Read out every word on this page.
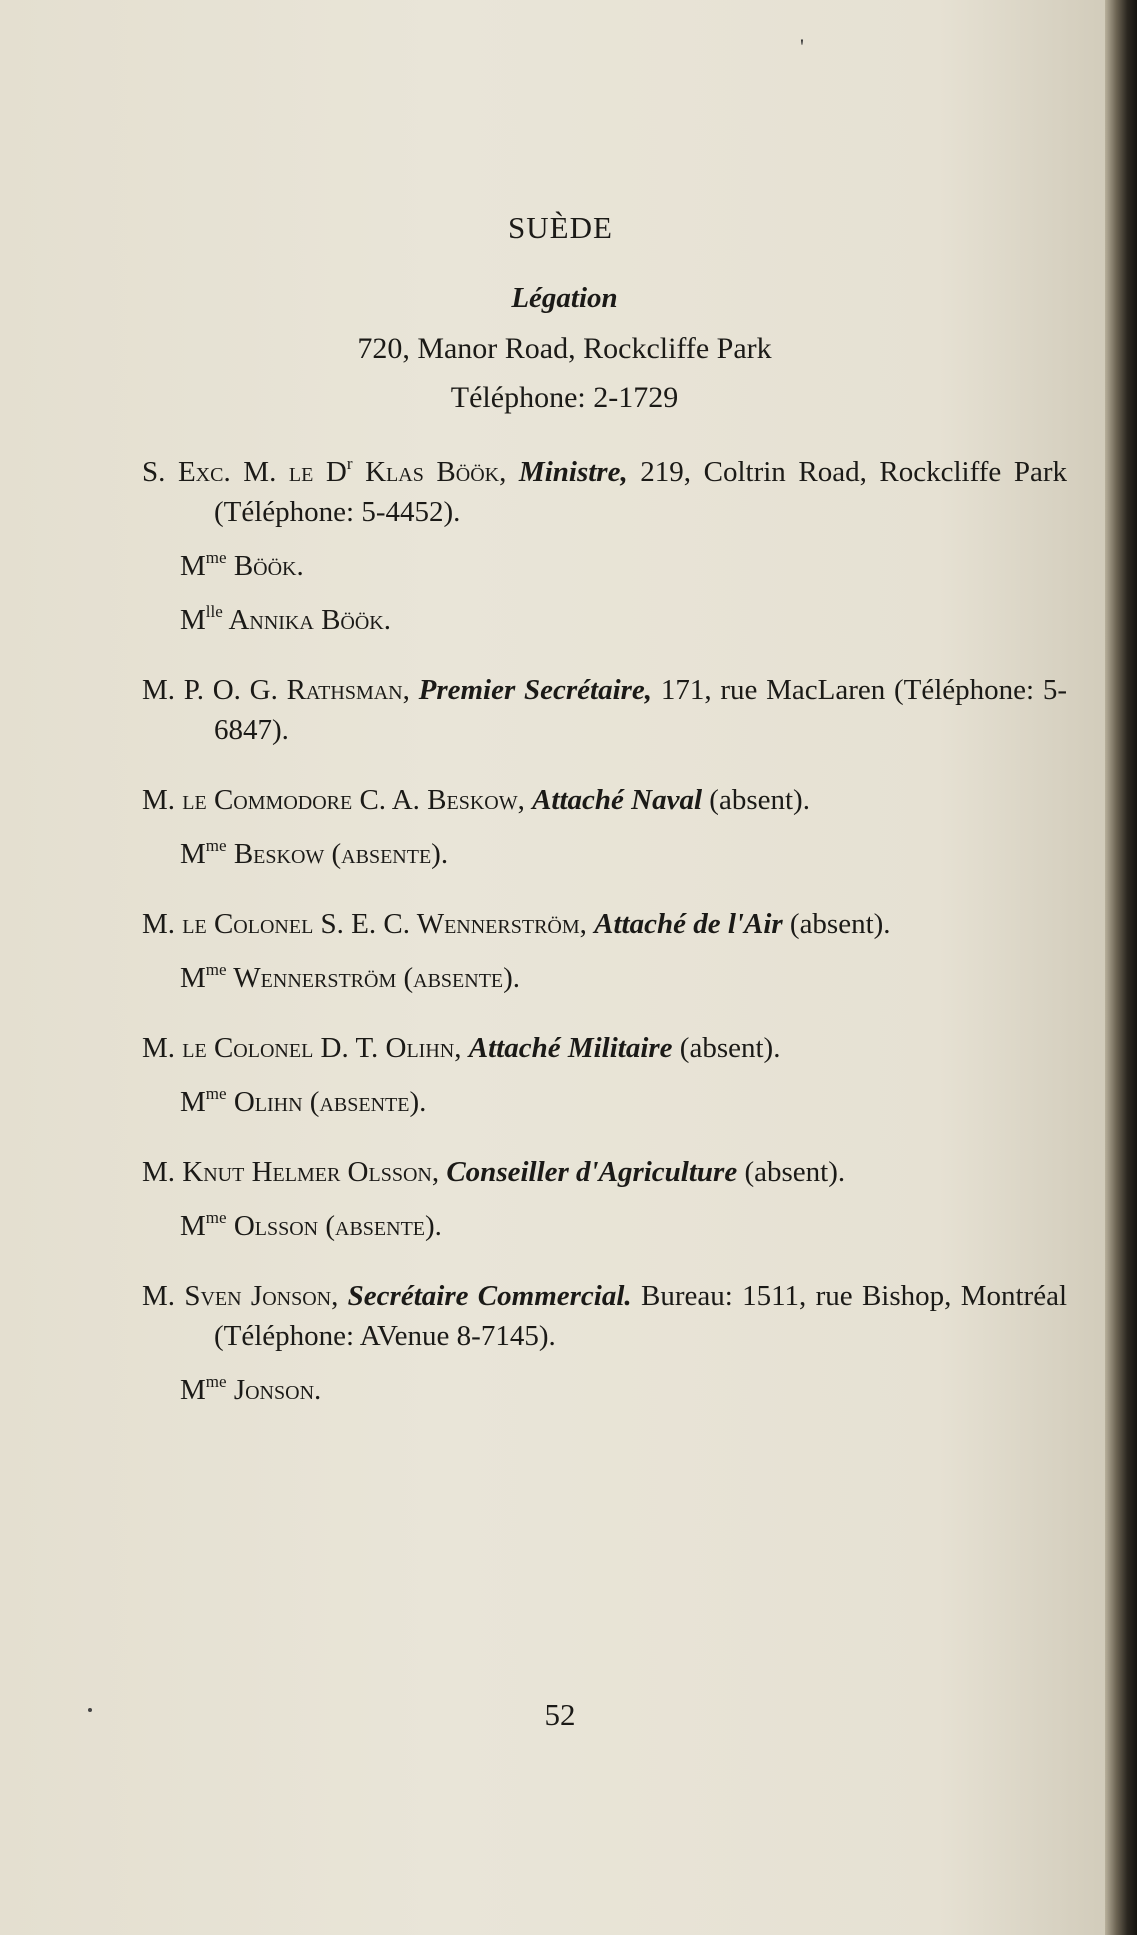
'
SUÈDE
Légation
720, Manor Road, Rockcliffe Park
Téléphone: 2-1729
S. Exc. M. le $D^r$ Klas Böök, Ministre, 219, Coltrin Road, Rockcliffe Park (Téléphone: 5-4452).
$M^{me}$ Böök.
$M^{lle}$ Annika Böök.
M. P. O. G. Rathsman, Premier Secrétaire, 171, rue MacLaren (Téléphone: 5-6847).
M. le Commodore C. A. Beskow, Attaché Naval (absent).
$M^{me}$ Beskow (absente).
M. le Colonel S. E. C. Wennerström, Attaché de l'Air (absent).
$M^{me}$ Wennerström (absente).
M. le Colonel D. T. Olihn, Attaché Militaire (absent).
$M^{me}$ Olihn (absente).
M. Knut Helmer Olsson, Conseiller d'Agriculture (absent).
$M^{me}$ Olsson (absente).
M. Sven Jonson, Secrétaire Commercial. Bureau: 1511, rue Bishop, Montréal (Téléphone: AVenue 8-7145).
$M^{me}$ Jonson.
52
